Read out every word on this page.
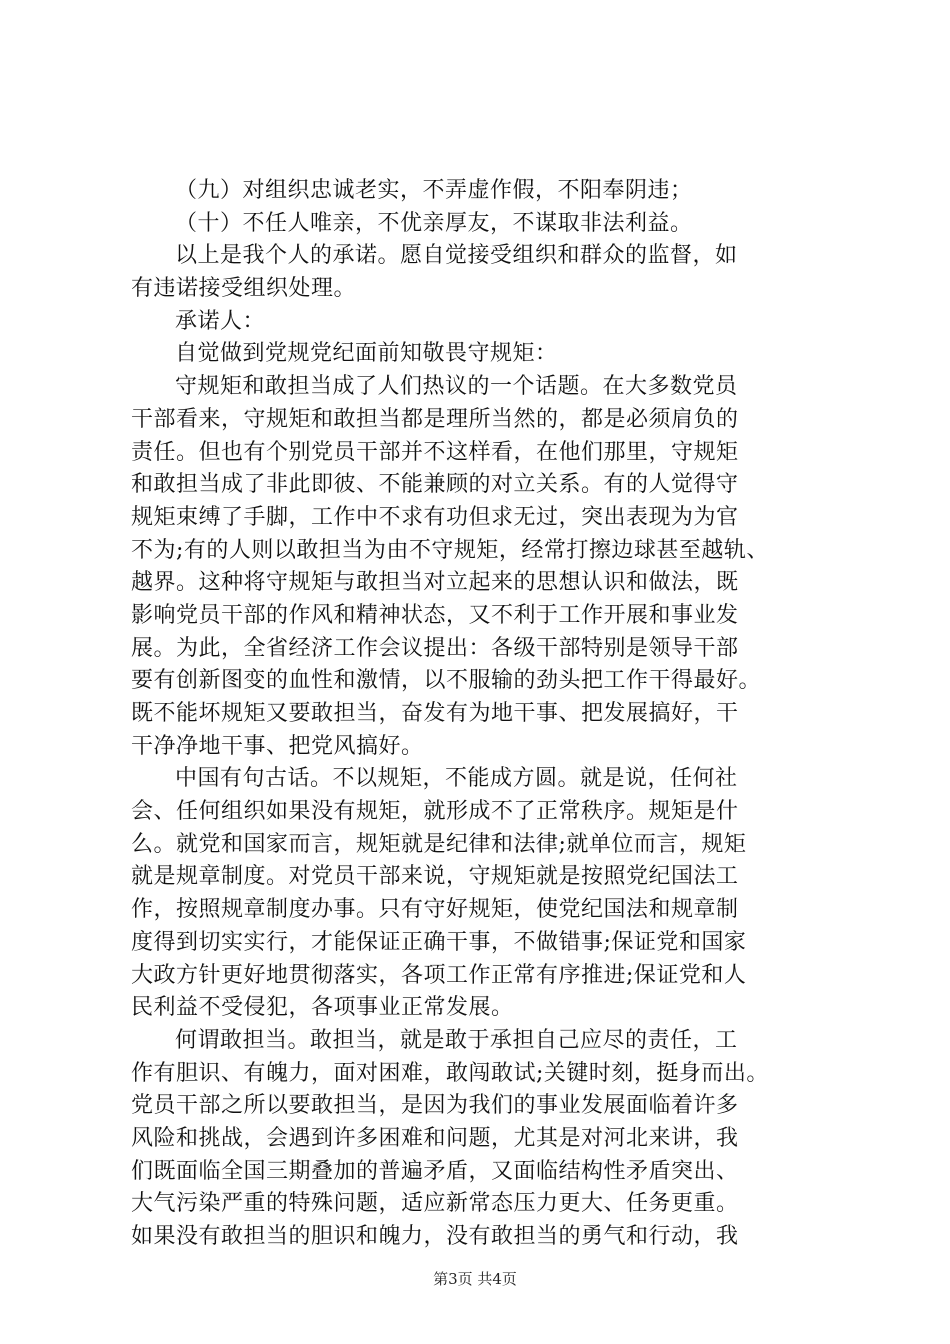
（九）对组织忠诚老实，不弄虚作假，不阳奉阴违；
（十）不任人唯亲，不优亲厚友，不谋取非法利益。
以上是我个人的承诺。愿自觉接受组织和群众的监督，如
有违诺接受组织处理。
承诺人：
自觉做到党规党纪面前知敬畏守规矩：
守规矩和敢担当成了人们热议的一个话题。在大多数党员
干部看来，守规矩和敢担当都是理所当然的，都是必须肩负的
责任。但也有个别党员干部并不这样看，在他们那里，守规矩
和敢担当成了非此即彼、不能兼顾的对立关系。有的人觉得守
规矩束缚了手脚，工作中不求有功但求无过，突出表现为为官
不为;有的人则以敢担当为由不守规矩，经常打擦边球甚至越轨、
越界。这种将守规矩与敢担当对立起来的思想认识和做法，既
影响党员干部的作风和精神状态，又不利于工作开展和事业发
展。为此，全省经济工作会议提出：各级干部特别是领导干部
要有创新图变的血性和激情，以不服输的劲头把工作干得最好。
既不能坏规矩又要敢担当，奋发有为地干事、把发展搞好，干
干净净地干事、把党风搞好。
中国有句古话。不以规矩，不能成方圆。就是说，任何社
会、任何组织如果没有规矩，就形成不了正常秩序。规矩是什
么。就党和国家而言，规矩就是纪律和法律;就单位而言，规矩
就是规章制度。对党员干部来说，守规矩就是按照党纪国法工
作，按照规章制度办事。只有守好规矩，使党纪国法和规章制
度得到切实实行，才能保证正确干事，不做错事;保证党和国家
大政方针更好地贯彻落实，各项工作正常有序推进;保证党和人
民利益不受侵犯，各项事业正常发展。
何谓敢担当。敢担当，就是敢于承担自己应尽的责任，工
作有胆识、有魄力，面对困难，敢闯敢试;关键时刻，挺身而出。
党员干部之所以要敢担当，是因为我们的事业发展面临着许多
风险和挑战，会遇到许多困难和问题，尤其是对河北来讲，我
们既面临全国三期叠加的普遍矛盾，又面临结构性矛盾突出、
大气污染严重的特殊问题，适应新常态压力更大、任务更重。
如果没有敢担当的胆识和魄力，没有敢担当的勇气和行动，我
第3页 共4页
